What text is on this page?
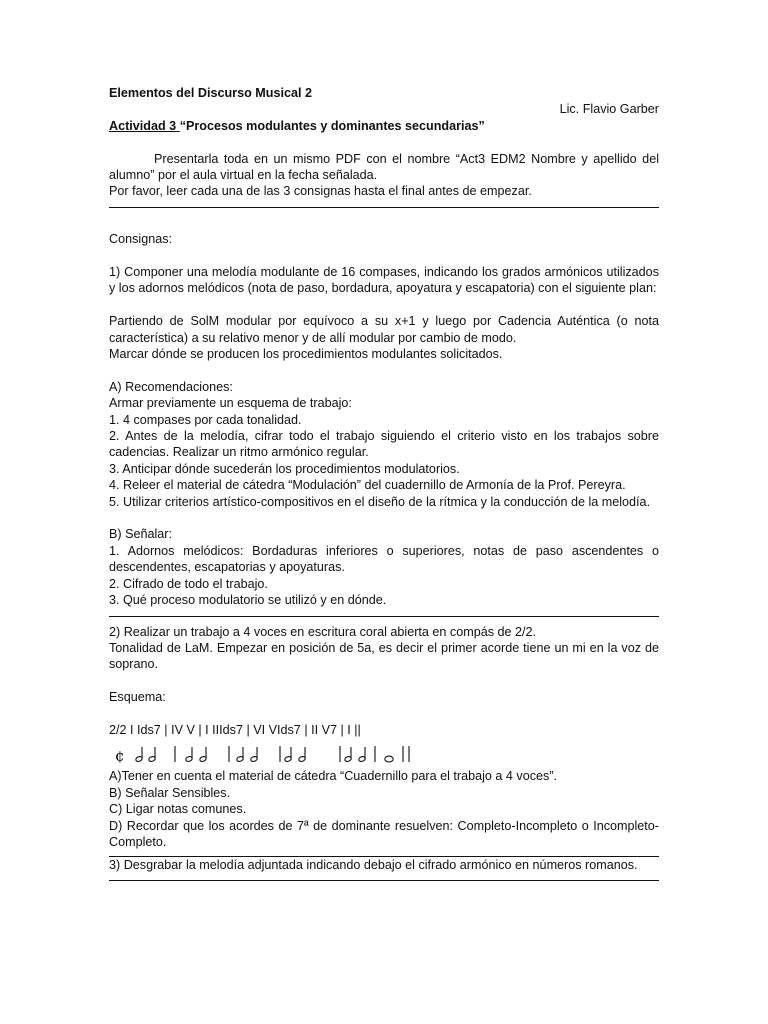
Elementos del Discurso Musical 2

Lic. Flavio Garber

Actividad 3 “Procesos modulantes y dominantes secundarias”

Presentarla toda en un mismo PDF con el nombre “Act3 EDM2 Nombre y apellido del alumno” por el aula virtual en la fecha señalada.

Por favor, leer cada una de las 3 consignas hasta el final antes de empezar.

Consignas:

1) Componer una melodía modulante de 16 compases, indicando los grados armónicos utilizados y los adornos melódicos (nota de paso, bordadura, apoyatura y escapatoria) con el siguiente plan:

Partiendo de SolM modular por equívoco a su x+1 y luego por Cadencia Auténtica (o nota característica) a su relativo menor y de allí modular por cambio de modo.

Marcar dónde se producen los procedimientos modulantes solicitados.

A) Recomendaciones:

Armar previamente un esquema de trabajo:

1. 4 compases por cada tonalidad.

2. Antes de la melodía, cifrar todo el trabajo siguiendo el criterio visto en los trabajos sobre cadencias. Realizar un ritmo armónico regular.

3. Anticipar dónde sucederán los procedimientos modulatorios.

4. Releer el material de cátedra “Modulación” del cuadernillo de Armonía de la Prof. Pereyra.

5. Utilizar criterios artístico-compositivos en el diseño de la rítmica y la conducción de la melodía.

B) Señalar:

1. Adornos melódicos: Bordaduras inferiores o superiores, notas de paso ascendentes o descendentes, escapatorias y apoyaturas.

2. Cifrado de todo el trabajo.

3. Qué proceso modulatorio se utilizó y en dónde.

2) Realizar un trabajo a 4 voces en escritura coral abierta en compás de 2/2.

Tonalidad de LaM. Empezar en posición de 5a, es decir el primer acorde tiene un mi en la voz de soprano.

Esquema:

2/2 I Ids7 | IV V | I IIIds7 | VI VIds7 | II V7 | I ||

¢

A)Tener en cuenta el material de cátedra “Cuadernillo para el trabajo a 4 voces”.

B) Señalar Sensibles.

C) Ligar notas comunes.

D) Recordar que los acordes de 7ª de dominante resuelven: Completo-Incompleto o Incompleto-Completo.

3) Desgrabar la melodía adjuntada indicando debajo el cifrado armónico en números romanos.
